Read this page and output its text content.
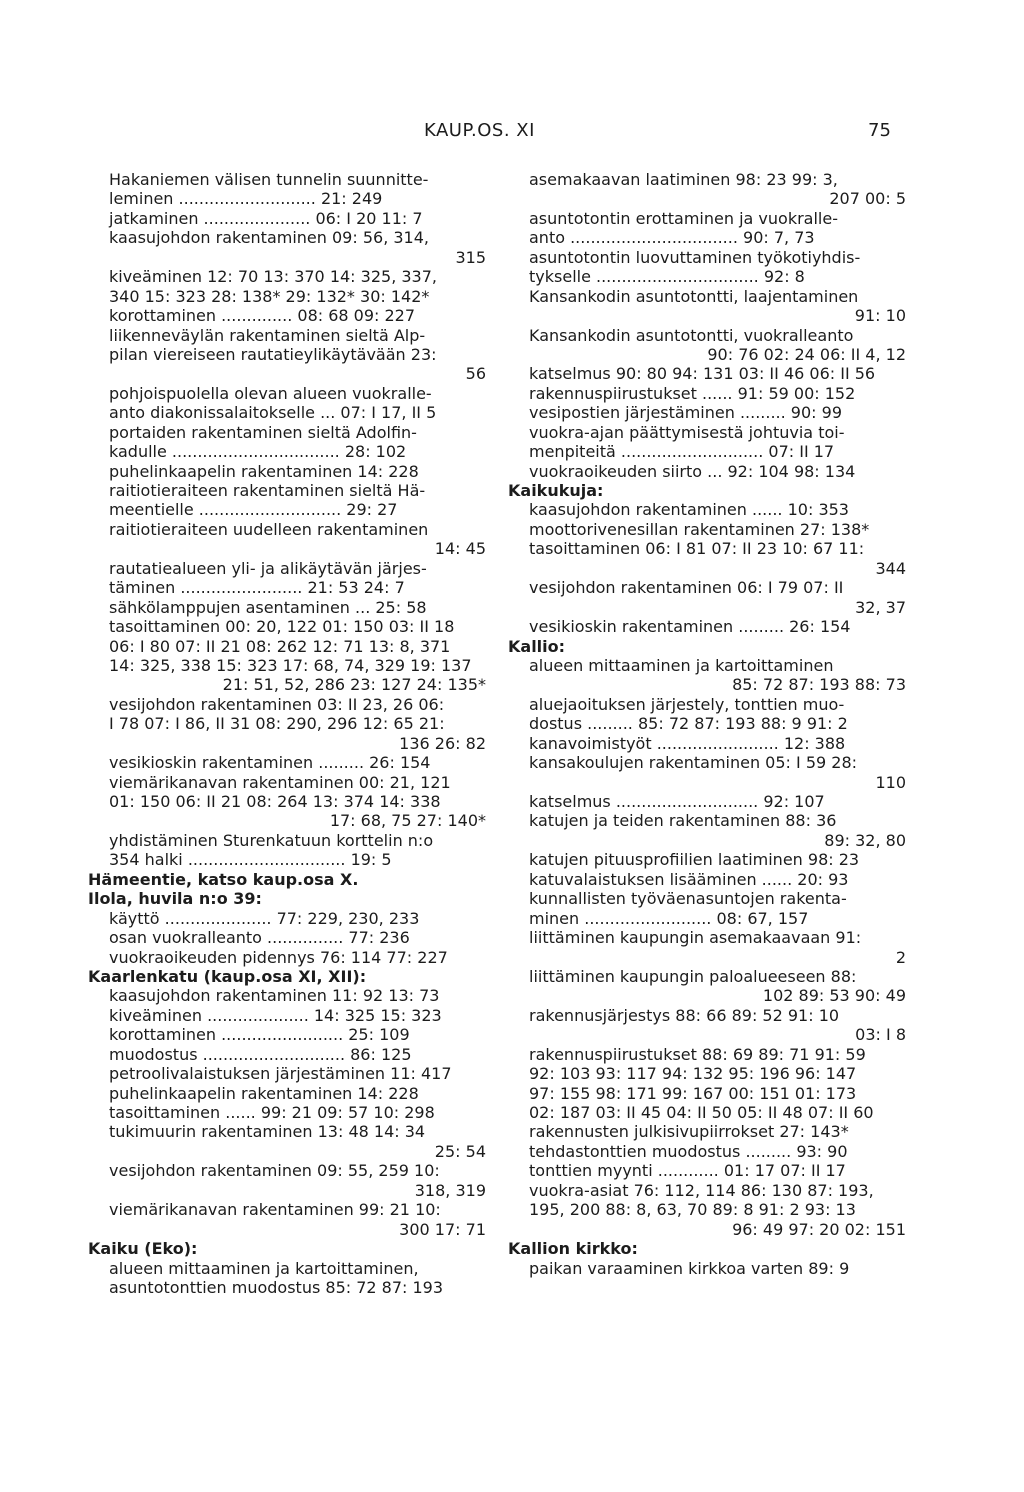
KAUP.OS. XI	75
Hakaniemen välisen tunnelin suunnitte-
leminen ........................... 21: 249
jatkaminen ..................... 06: I 20 11: 7
kaasujohdon rakentaminen 09: 56, 314,
315
kiveäminen 12: 70 13: 370 14: 325, 337,
340 15: 323 28: 138* 29: 132* 30: 142*
korottaminen .............. 08: 68 09: 227
liikenneväylän rakentaminen sieltä Alp-
pilan viereiseen rautatieylikäytävään 23:
56
pohjoispuolella olevan alueen vuokralle-
anto diakonissalaitokselle ... 07: I 17, II 5
portaiden rakentaminen sieltä Adolfin-
kadulle ................................. 28: 102
puhelinkaapelin rakentaminen 14: 228
raitiotieraiteen rakentaminen sieltä Hä-
meentielle ............................ 29: 27
raitiotieraiteen uudelleen rakentaminen
14: 45
rautatiealueen yli- ja alikäytävän järjes-
täminen ........................ 21: 53 24: 7
sähkölamppujen asentaminen ... 25: 58
tasoittaminen 00: 20, 122 01: 150 03: II 18
06: I 80 07: II 21 08: 262 12: 71 13: 8, 371
14: 325, 338 15: 323 17: 68, 74, 329 19: 137
21: 51, 52, 286 23: 127 24: 135*
vesijohdon rakentaminen 03: II 23, 26 06:
I 78 07: I 86, II 31 08: 290, 296 12: 65 21:
136 26: 82
vesikioskin rakentaminen ......... 26: 154
viemärikanavan rakentaminen 00: 21, 121
01: 150 06: II 21 08: 264 13: 374 14: 338
17: 68, 75 27: 140*
yhdistäminen Sturenkatuun korttelin n:o
354 halki ............................... 19: 5
Hämeentie, katso kaup.osa X.
Ilola, huvila n:o 39:
käyttö ..................... 77: 229, 230, 233
osan vuokralleanto ............... 77: 236
vuokraoikeuden pidennys 76: 114 77: 227
Kaarlenkatu (kaup.osa XI, XII):
kaasujohdon rakentaminen 11: 92 13: 73
kiveäminen .................... 14: 325 15: 323
korottaminen ........................ 25: 109
muodostus ............................ 86: 125
petroolivalaistuksen järjestäminen 11: 417
puhelinkaapelin rakentaminen 14: 228
tasoittaminen ...... 99: 21 09: 57 10: 298
tukimuurin rakentaminen 13: 48 14: 34
25: 54
vesijohdon rakentaminen 09: 55, 259 10:
318, 319
viemärikanavan rakentaminen 99: 21 10:
300 17: 71
Kaiku (Eko):
alueen mittaaminen ja kartoittaminen,
asuntotonttien muodostus 85: 72 87: 193
asemakaavan laatiminen 98: 23 99: 3,
207 00: 5
asuntotontin erottaminen ja vuokralle-
anto ................................. 90: 7, 73
asuntotontin luovuttaminen työkotiyhdis-
tykselle ................................ 92: 8
Kansankodin asuntotontti, laajentaminen
91: 10
Kansankodin asuntotontti, vuokralleanto
90: 76 02: 24 06: II 4, 12
katselmus 90: 80 94: 131 03: II 46 06: II 56
rakennuspiirustukset ...... 91: 59 00: 152
vesipostien järjestäminen ......... 90: 99
vuokra-ajan päättymisestä johtuvia toi-
menpiteitä ............................ 07: II 17
vuokraoikeuden siirto ... 92: 104 98: 134
Kaikukuja:
kaasujohdon rakentaminen ...... 10: 353
moottorivenesillan rakentaminen 27: 138*
tasoittaminen 06: I 81 07: II 23 10: 67 11:
344
vesijohdon rakentaminen 06: I 79 07: II
32, 37
vesikioskin rakentaminen ......... 26: 154
Kallio:
alueen mittaaminen ja kartoittaminen
85: 72 87: 193 88: 73
aluejaoituksen järjestely, tonttien muo-
dostus ......... 85: 72 87: 193 88: 9 91: 2
kanavoimistyöt ........................ 12: 388
kansakoulujen rakentaminen 05: I 59 28:
110
katselmus ............................ 92: 107
katujen ja teiden rakentaminen 88: 36
89: 32, 80
katujen pituusprofiilien laatiminen 98: 23
katuvalaistuksen lisääminen ...... 20: 93
kunnallisten työväenasuntojen rakenta-
minen ......................... 08: 67, 157
liittäminen kaupungin asemakaavaan 91:
2
liittäminen kaupungin paloalueeseen 88:
102 89: 53 90: 49
rakennusjärjestys 88: 66 89: 52 91: 10
03: I 8
rakennuspiirustukset 88: 69 89: 71 91: 59
92: 103 93: 117 94: 132 95: 196 96: 147
97: 155 98: 171 99: 167 00: 151 01: 173
02: 187 03: II 45 04: II 50 05: II 48 07: II 60
rakennusten julkisivupiirrokset 27: 143*
tehdastonttien muodostus ......... 93: 90
tonttien myynti ............ 01: 17 07: II 17
vuokra-asiat 76: 112, 114 86: 130 87: 193,
195, 200 88: 8, 63, 70 89: 8 91: 2 93: 13
96: 49 97: 20 02: 151
Kallion kirkko:
paikan varaaminen kirkkoa varten 89: 9
